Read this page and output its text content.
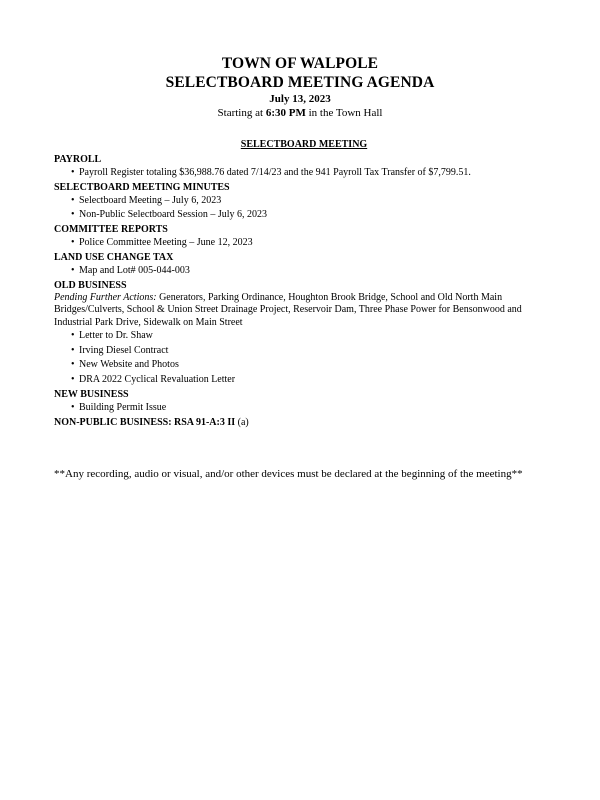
TOWN OF WALPOLE
SELECTBOARD MEETING AGENDA
July 13, 2023
Starting at 6:30 PM in the Town Hall
SELECTBOARD MEETING
PAYROLL
• Payroll Register totaling $36,988.76 dated 7/14/23 and the 941 Payroll Tax Transfer of $7,799.51.
SELECTBOARD MEETING MINUTES
• Selectboard Meeting – July 6, 2023
• Non-Public Selectboard Session – July 6, 2023
COMMITTEE REPORTS
• Police Committee Meeting – June 12, 2023
LAND USE CHANGE TAX
• Map and Lot# 005-044-003
OLD BUSINESS
Pending Further Actions: Generators, Parking Ordinance, Houghton Brook Bridge, School and Old North Main Bridges/Culverts, School & Union Street Drainage Project, Reservoir Dam, Three Phase Power for Bensonwood and Industrial Park Drive, Sidewalk on Main Street
• Letter to Dr. Shaw
• Irving Diesel Contract
• New Website and Photos
• DRA 2022 Cyclical Revaluation Letter
NEW BUSINESS
• Building Permit Issue
NON-PUBLIC BUSINESS: RSA 91-A:3 II (a)
**Any recording, audio or visual, and/or other devices must be declared at the beginning of the meeting**
